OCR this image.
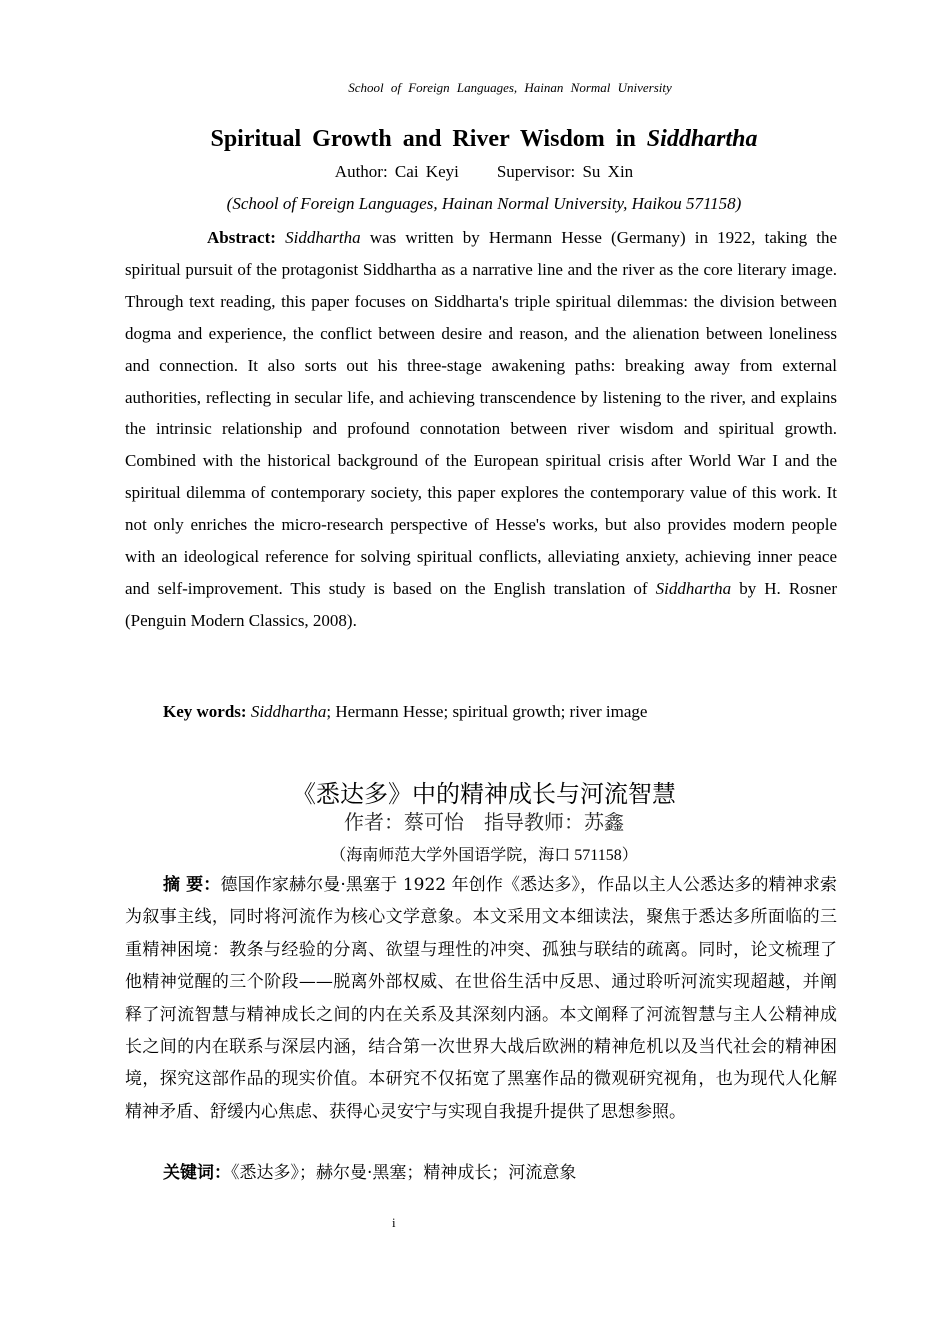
School of Foreign Languages, Hainan Normal University
Spiritual Growth and River Wisdom in Siddhartha
Author: Cai Keyi Supervisor: Su Xin
(School of Foreign Languages, Hainan Normal University, Haikou 571158)
Abstract: Siddhartha was written by Hermann Hesse (Germany) in 1922, taking the spiritual pursuit of the protagonist Siddhartha as a narrative line and the river as the core literary image. Through text reading, this paper focuses on Siddharta's triple spiritual dilemmas: the division between dogma and experience, the conflict between desire and reason, and the alienation between loneliness and connection. It also sorts out his three-stage awakening paths: breaking away from external authorities, reflecting in secular life, and achieving transcendence by listening to the river, and explains the intrinsic relationship and profound connotation between river wisdom and spiritual growth. Combined with the historical background of the European spiritual crisis after World War I and the spiritual dilemma of contemporary society, this paper explores the contemporary value of this work. It not only enriches the micro-research perspective of Hesse's works, but also provides modern people with an ideological reference for solving spiritual conflicts, alleviating anxiety, achieving inner peace and self-improvement. This study is based on the English translation of Siddhartha by H. Rosner (Penguin Modern Classics, 2008).
Key words: Siddhartha; Hermann Hesse; spiritual growth; river image
《悉达多》中的精神成长与河流智慧
作者：蔡可怡 指导教师：苏鑫
（海南师范大学外国语学院，海口 571158）
摘 要：德国作家赫尔曼·黑塞于 1922 年创作《悉达多》，作品以主人公悉达多的精神求索为叙事主线，同时将河流作为核心文学意象。本文采用文本细读法，聚焦于悉达多所面临的三重精神困境：教条与经验的分离、欲望与理性的冲突、孤独与联结的疏离。同时，论文梳理了他精神觉醒的三个阶段——脱离外部权威、在世俗生活中反思、通过聆听河流实现超越，并阐释了河流智慧与精神成长之间的内在关系及其深刻内涵。本文阐释了河流智慧与主人公精神成长之间的内在联系与深层内涵，结合第一次世界大战后欧洲的精神危机以及当代社会的精神困境，探究这部作品的现实价值。本研究不仅拓宽了黑塞作品的微观研究视角，也为现代人化解精神矛盾、舒缓内心焦虑、获得心灵安宁与实现自我提升提供了思想参照。
关键词：《悉达多》；赫尔曼·黑塞；精神成长；河流意象
i
